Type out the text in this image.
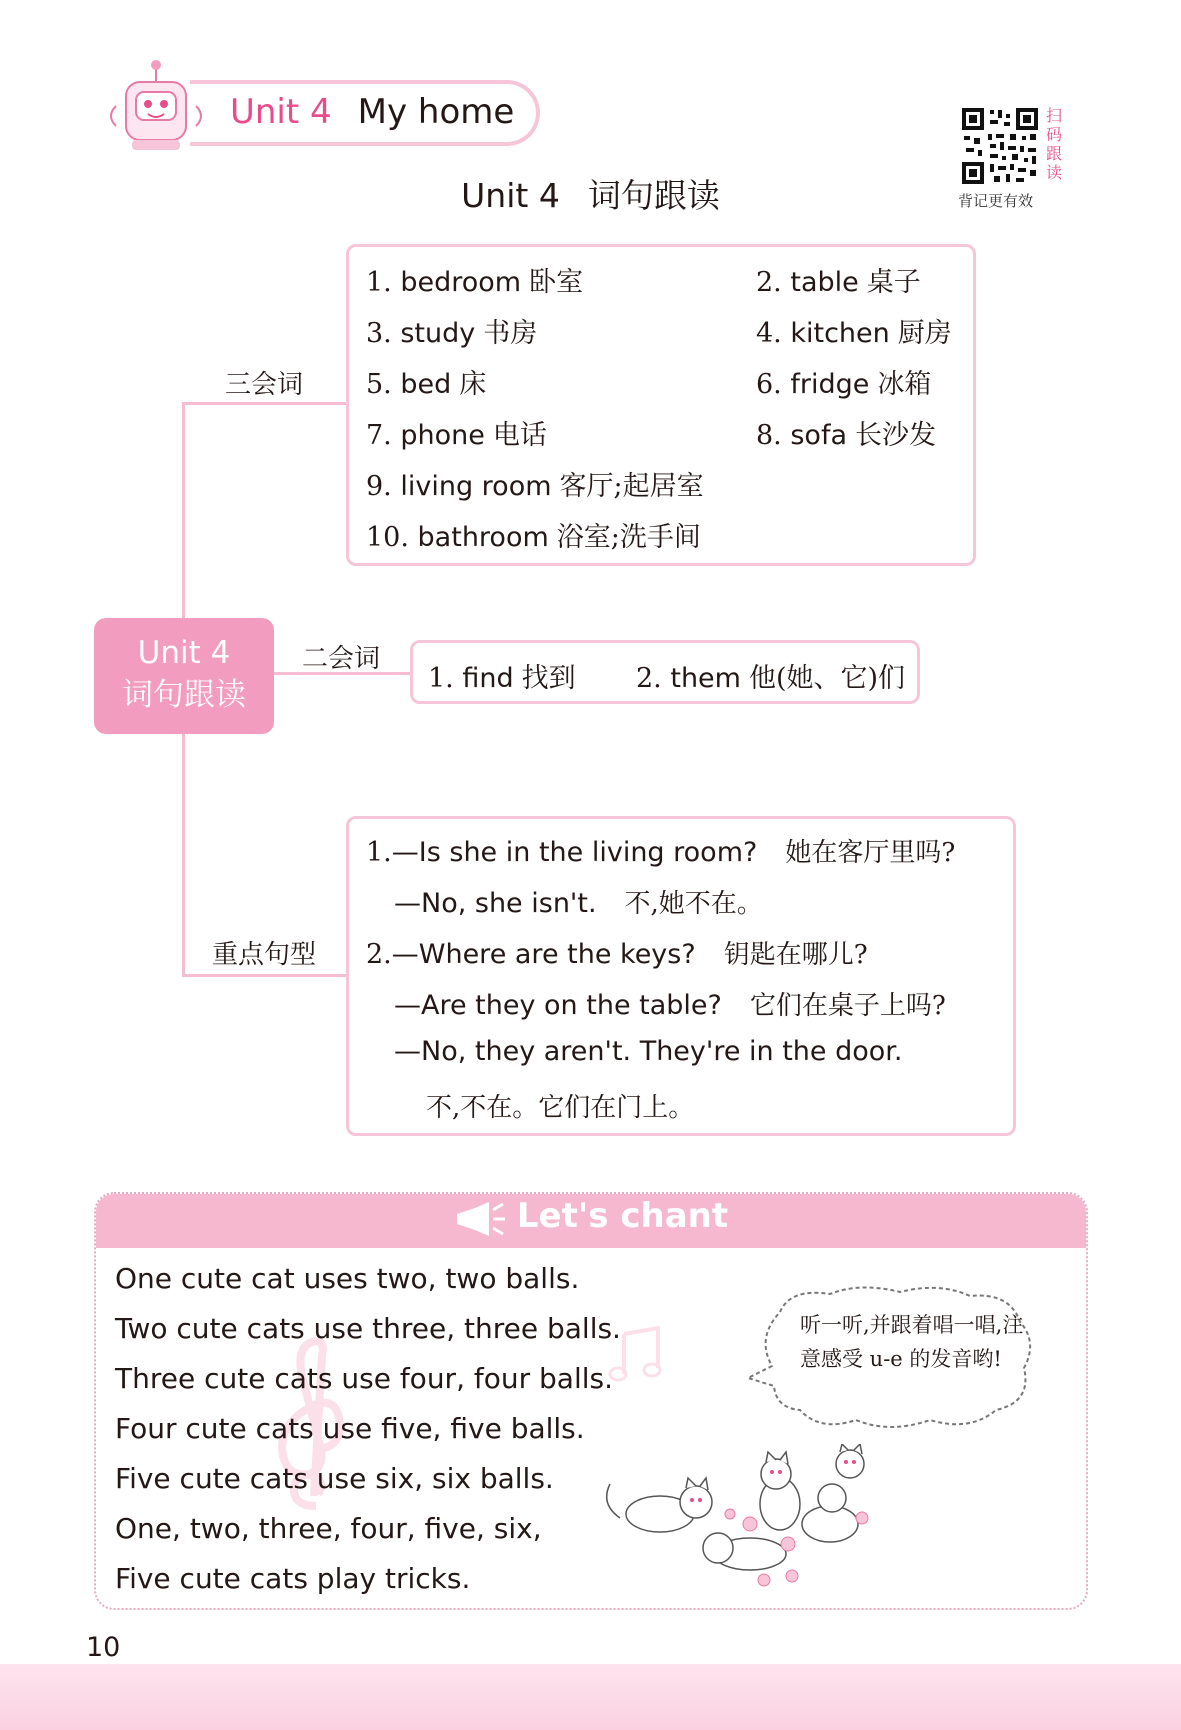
Unit 4 My home	扫
码
跟
读
背记更有效
Unit 4 词句跟读
Unit 4
词句跟读
三会词
二会词
重点句型
1. bedroom 卧室	2. table 桌子
3. study 书房	4. kitchen 厨房
5. bed 床	6. fridge 冰箱
7. phone 电话	8. sofa 长沙发
9. living room 客厅;起居室
10. bathroom 浴室;洗手间
1. find 找到 2. them 他(她、它)们
1.—Is she in the living room? 她在客厅里吗?
—No, she isn't. 不,她不在。
2.—Where are the keys? 钥匙在哪儿?
—Are they on the table? 它们在桌子上吗?
—No, they aren't. They're in the door.
不,不在。它们在门上。
Let's chant
One cute cat uses two, two balls.
Two cute cats use three, three balls.
Three cute cats use four, four balls.
Four cute cats use five, five balls.
Five cute cats use six, six balls.
One, two, three, four, five, six,
Five cute cats play tricks.
听一听,并跟着唱一唱,注意感受 u-e 的发音哟!
10
